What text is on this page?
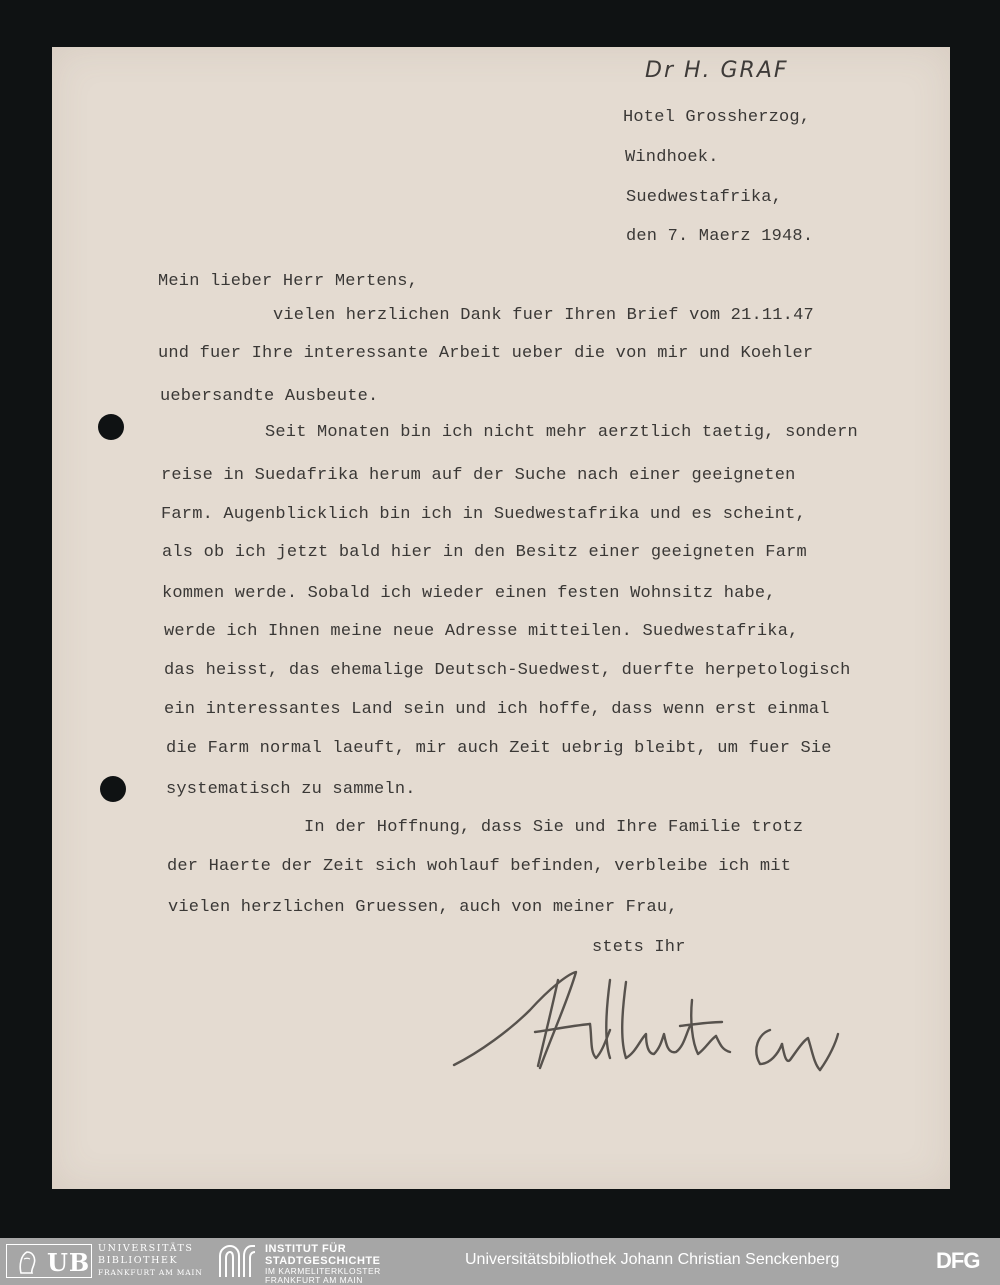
Dr H. GRAF
Hotel Grossherzog,
Windhoek.
Suedwestafrika,
den 7. Maerz 1948.
Mein lieber Herr Mertens,
vielen herzlichen Dank fuer Ihren Brief vom 21.11.47
und fuer Ihre interessante Arbeit ueber die von mir und Koehler
uebersandte Ausbeute.
Seit Monaten bin ich nicht mehr aerztlich taetig, sondern
reise in Suedafrika herum auf der Suche nach einer geeigneten
Farm. Augenblicklich bin ich in Suedwestafrika und es scheint,
als ob ich jetzt bald hier in den Besitz einer geeigneten Farm
kommen werde. Sobald ich wieder einen festen Wohnsitz habe,
werde ich Ihnen meine neue Adresse mitteilen. Suedwestafrika,
das heisst, das ehemalige Deutsch-Suedwest, duerfte herpetologisch
ein interessantes Land sein und ich hoffe, dass wenn erst einmal
die Farm normal laeuft, mir auch Zeit uebrig bleibt, um fuer Sie
systematisch zu sammeln.
In der Hoffnung, dass Sie und Ihre Familie trotz
der Haerte der Zeit sich wohlauf befinden, verbleibe ich mit
vielen herzlichen Gruessen, auch von meiner Frau,
stets Ihr
UB UNIVERSITÄTS
BIBLIOTHEK
FRANKFURT AM MAIN
INSTITUT FÜR
STADTGESCHICHTE
IM KARMELITERKLOSTER
FRANKFURT AM MAIN
Universitätsbibliothek Johann Christian Senckenberg	DFG
